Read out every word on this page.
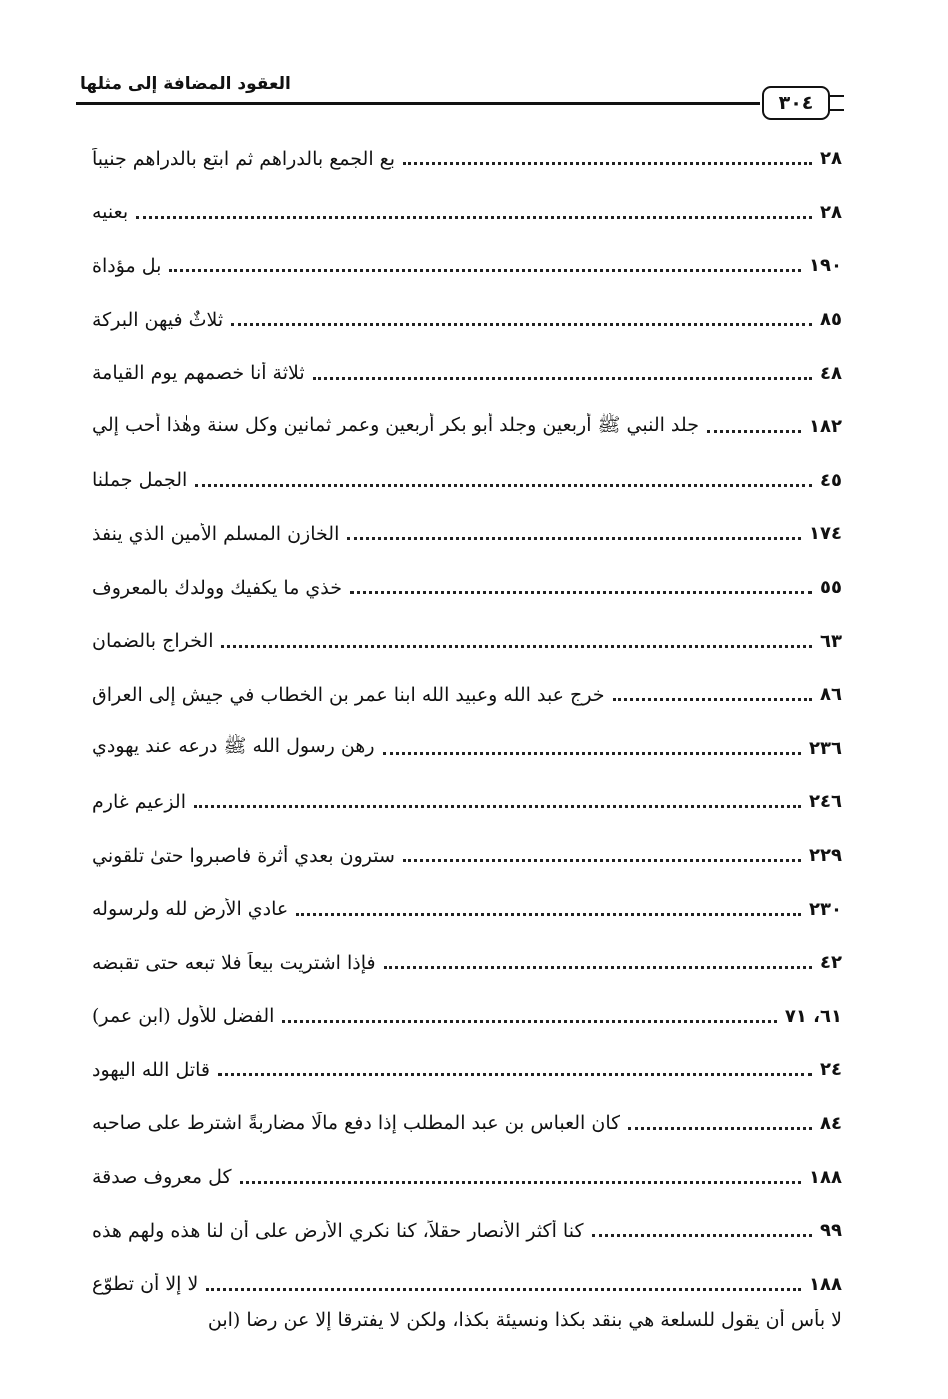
العقود المضافة إلى مثلها
٣٠٤
بع الجمع بالدراهم ثم ابتع بالدراهم جنيباً	٢٨
بعنيه	٢٨
بل مؤداة	١٩٠
ثلاثٌ فيهن البركة	٨٥
ثلاثة أنا خصمهم يوم القيامة	٤٨
جلد النبي ﷺ أربعين وجلد أبو بكر أربعين وعمر ثمانين وكل سنة وهٰذا أحب إلي	١٨٢
الجمل جملنا	٤٥
الخازن المسلم الأمين الذي ينفذ	١٧٤
خذي ما يكفيك وولدك بالمعروف	٥٥
الخراج بالضمان	٦٣
خرج عبد الله وعبيد الله ابنا عمر بن الخطاب في جيش إلى العراق	٨٦
رهن رسول الله ﷺ درعه عند يهودي	٢٣٦
الزعيم غارم	٢٤٦
سترون بعدي أثرة فاصبروا حتىٰ تلقوني	٢٢٩
عادي الأرض لله ولرسوله	٢٣٠
فإذا اشتريت بيعاً فلا تبعه حتى تقبضه	٤٢
الفضل للأول (ابن عمر)	٦١، ٧١
قاتل الله اليهود	٢٤
كان العباس بن عبد المطلب إذا دفع مالًا مضاربةً اشترط على صاحبه	٨٤
كل معروف صدقة	١٨٨
كنا أكثر الأنصار حقلاً، كنا نكري الأرض على أن لنا هذه ولهم هذه	٩٩
لا إلا أن تطوّع	١٨٨
لا بأس أن يقول للسلعة هي بنقد بكذا ونسيئة بكذا، ولكن لا يفترقا إلا عن رضا (ابن
